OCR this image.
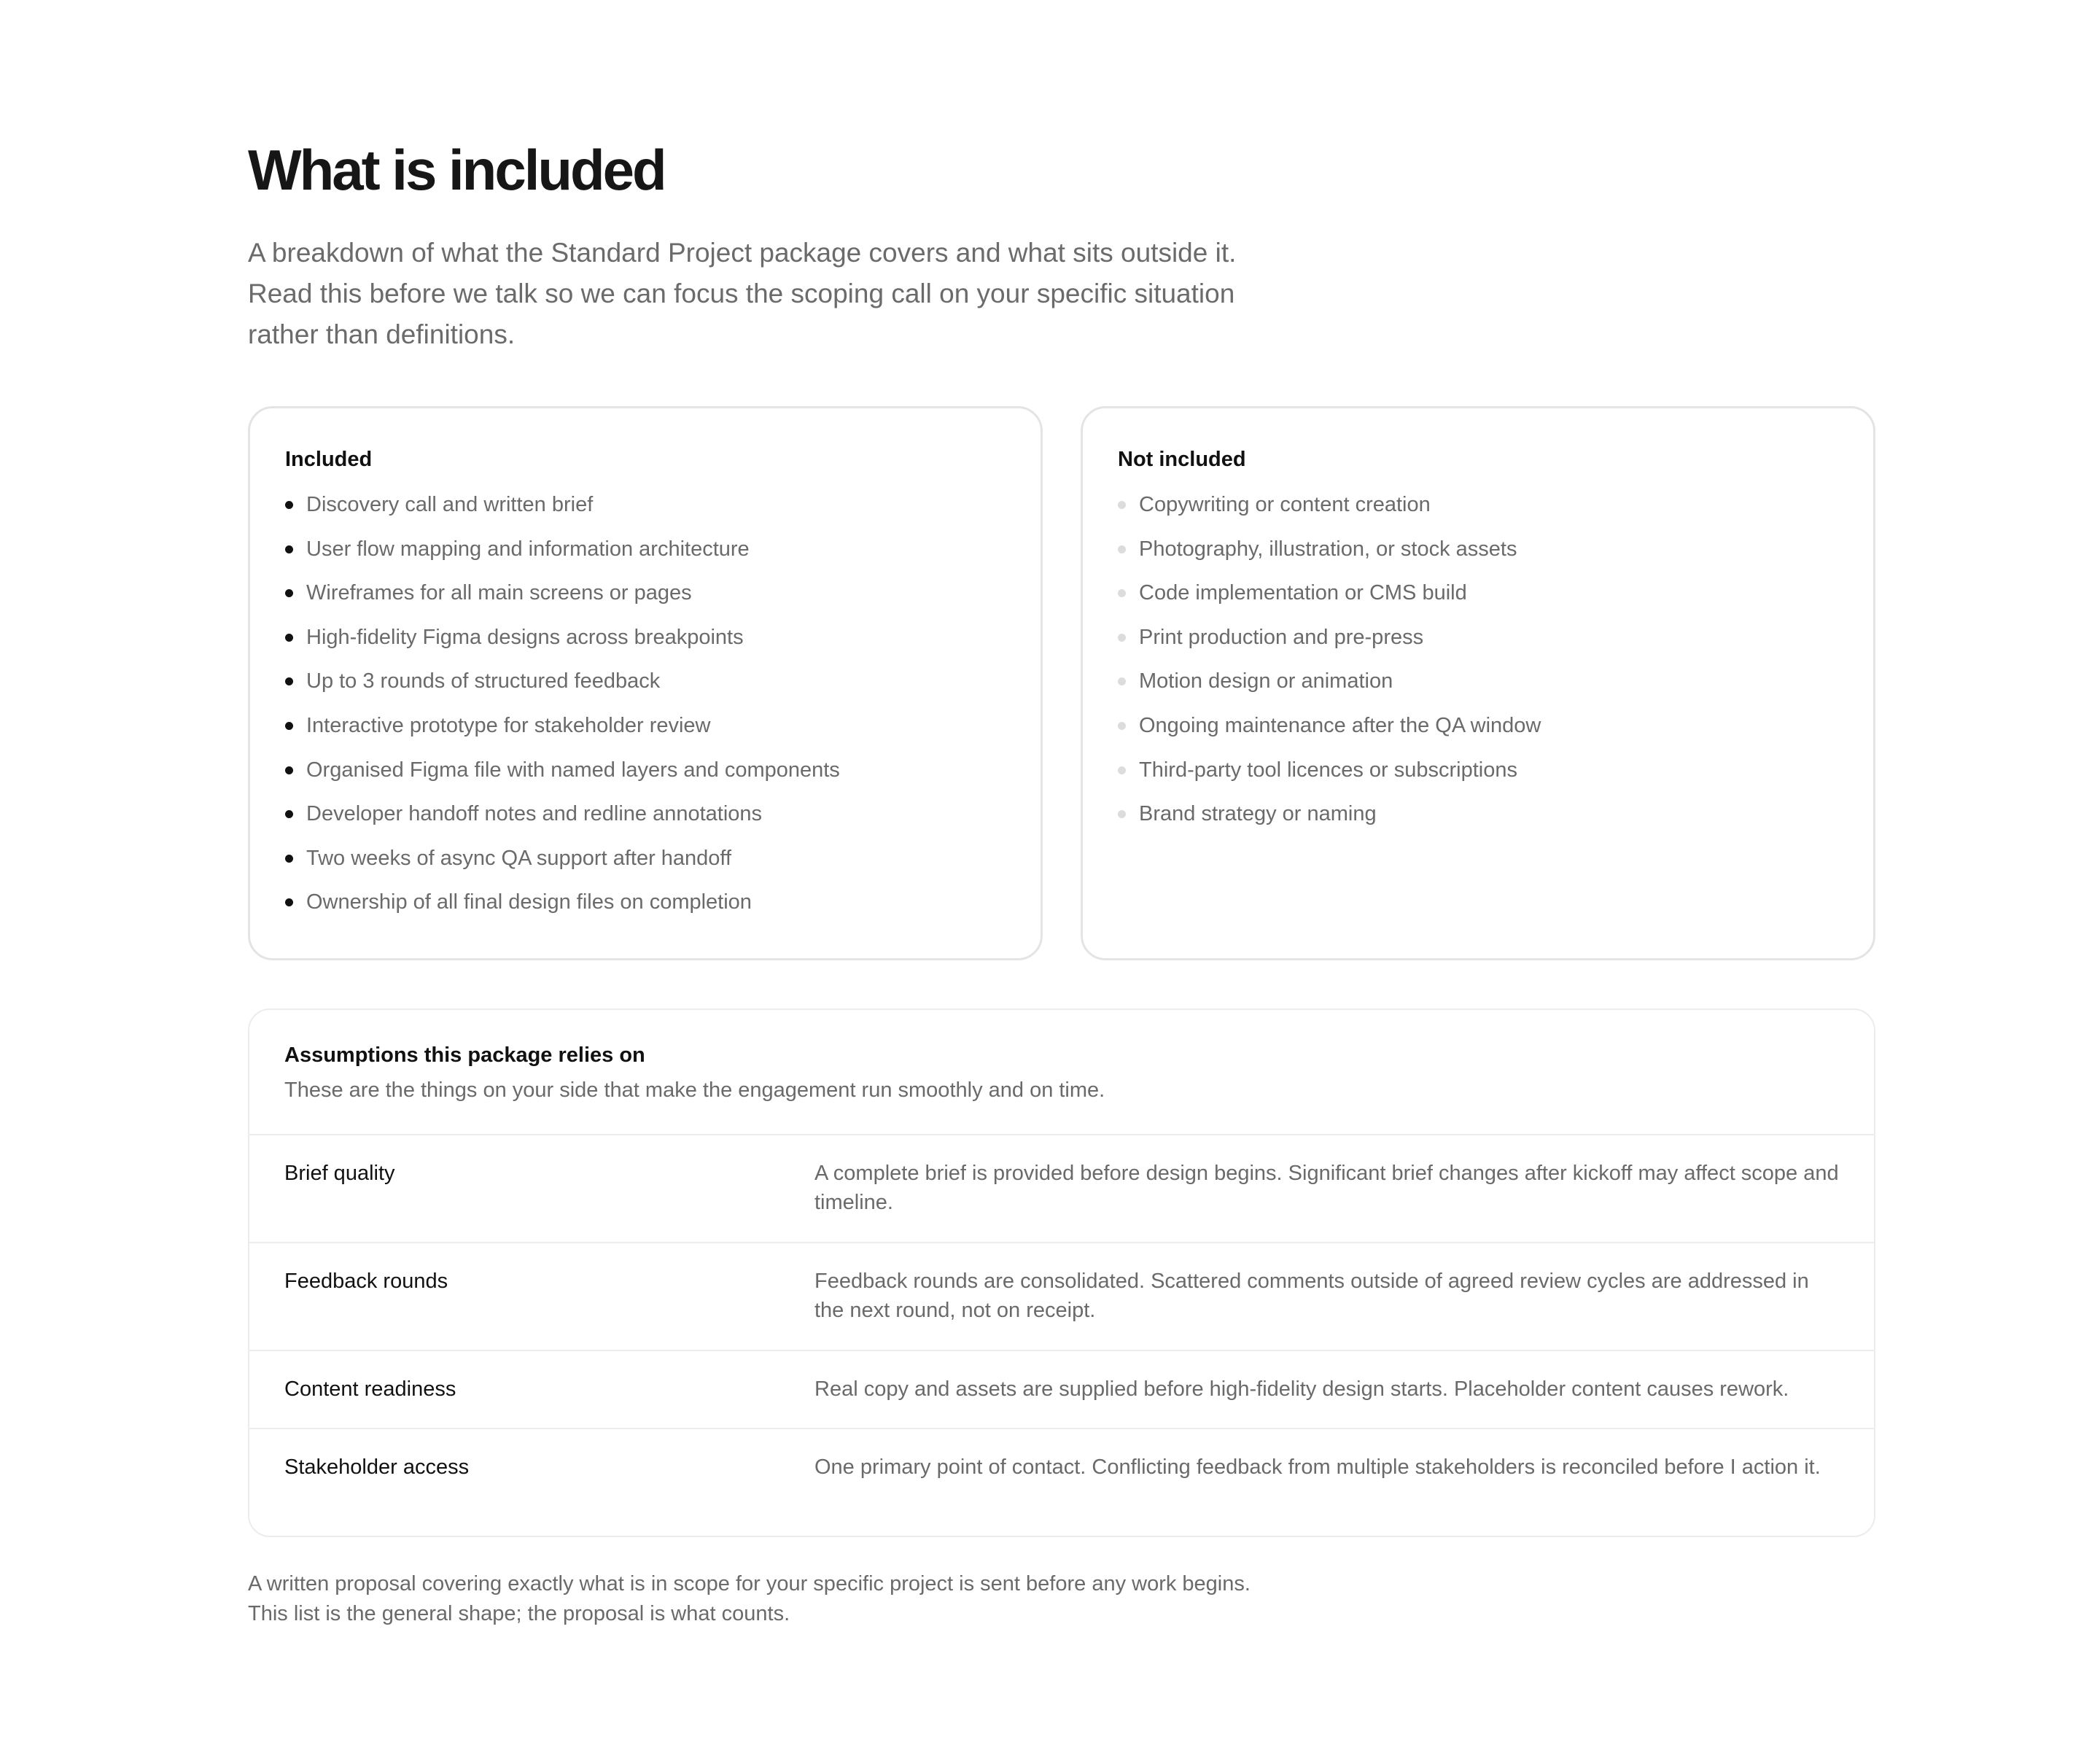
What is included
A breakdown of what the Standard Project package covers and what sits outside it. Read this before we talk so we can focus the scoping call on your specific situation rather than definitions.
Included
Discovery call and written brief
User flow mapping and information architecture
Wireframes for all main screens or pages
High-fidelity Figma designs across breakpoints
Up to 3 rounds of structured feedback
Interactive prototype for stakeholder review
Organised Figma file with named layers and components
Developer handoff notes and redline annotations
Two weeks of async QA support after handoff
Ownership of all final design files on completion
Not included
Copywriting or content creation
Photography, illustration, or stock assets
Code implementation or CMS build
Print production and pre-press
Motion design or animation
Ongoing maintenance after the QA window
Third-party tool licences or subscriptions
Brand strategy or naming
Assumptions this package relies on
These are the things on your side that make the engagement run smoothly and on time.
Brief quality	A complete brief is provided before design begins. Significant brief changes after kickoff may affect scope and timeline.
Feedback rounds	Feedback rounds are consolidated. Scattered comments outside of agreed review cycles are addressed in the next round, not on receipt.
Content readiness	Real copy and assets are supplied before high-fidelity design starts. Placeholder content causes rework.
Stakeholder access	One primary point of contact. Conflicting feedback from multiple stakeholders is reconciled before I action it.
A written proposal covering exactly what is in scope for your specific project is sent before any work begins. This list is the general shape; the proposal is what counts.
